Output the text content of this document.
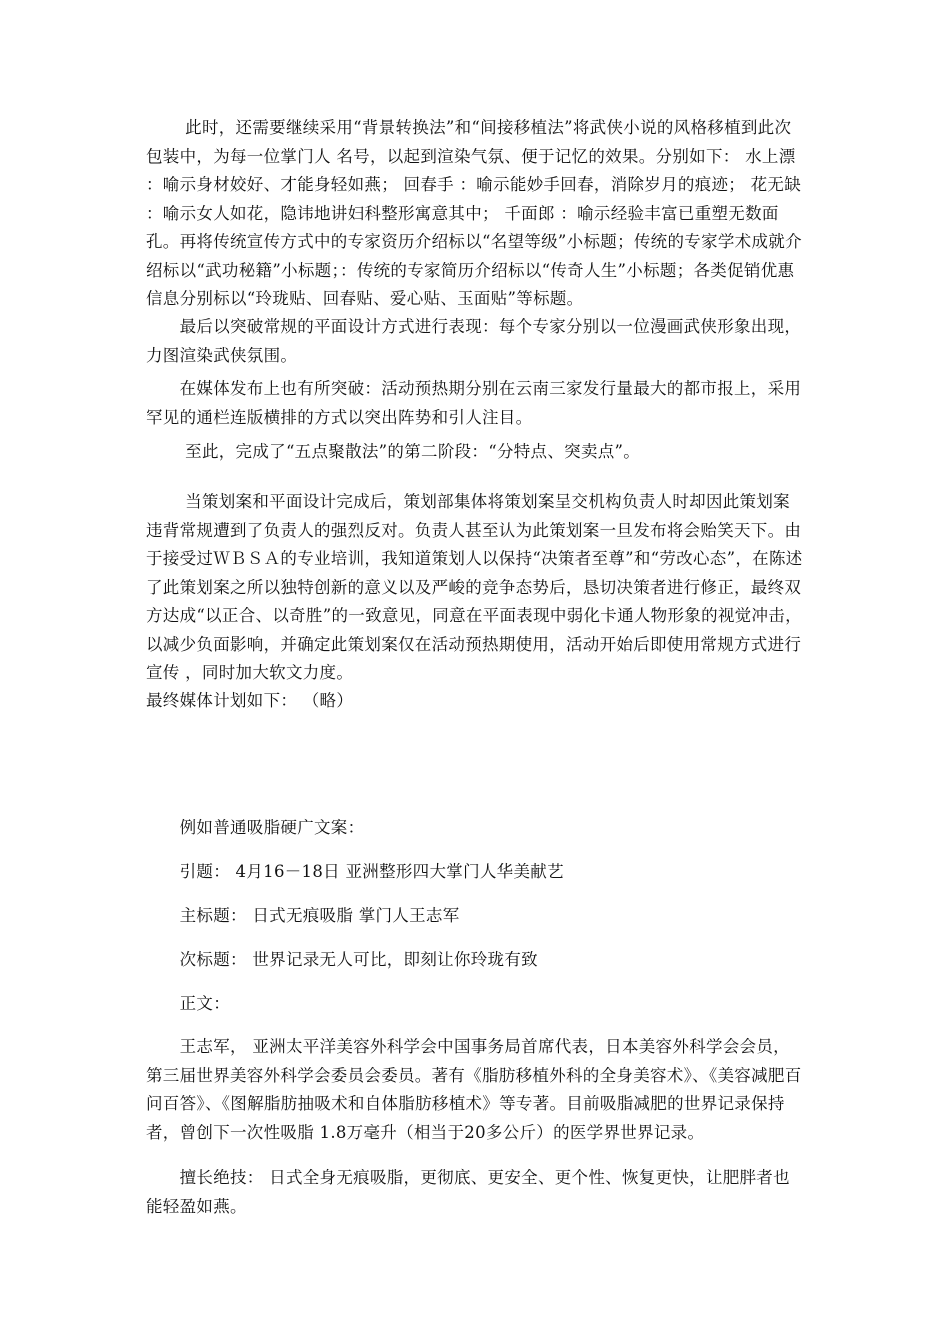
　　 此时，还需要继续采用“背景转换法”和“间接移植法”将武侠小说的风格移植到此次包装中，为每一位掌门人 名号，以起到渲染气氛、便于记忆的效果。分别如下： 水上漂 ：喻示身材姣好、才能身轻如燕； 回春手 ：喻示能妙手回春，消除岁月的痕迹； 花无缺 ：喻示女人如花，隐讳地讲妇科整形寓意其中； 千面郎 ：喻示经验丰富已重塑无数面孔。再将传统宣传方式中的专家资历介绍标以“名望等级”小标题；传统的专家学术成就介绍标以“武功秘籍”小标题；：传统的专家简历介绍标以“传奇人生”小标题；各类促销优惠信息分别标以“玲珑贴、回春贴、爱心贴、玉面贴”等标题。

　　最后以突破常规的平面设计方式进行表现：每个专家分别以一位漫画武侠形象出现，力图渲染武侠氛围。

　　在媒体发布上也有所突破：活动预热期分别在云南三家发行量最大的都市报上，采用罕见的通栏连版横排的方式以突出阵势和引人注目。

　　 至此，完成了“五点聚散法”的第二阶段：“分特点、突卖点”。

　　 当策划案和平面设计完成后，策划部集体将策划案呈交机构负责人时却因此策划案违背常规遭到了负责人的强烈反对。负责人甚至认为此策划案一旦发布将会贻笑天下。由于接受过ＷＢＳＡ的专业培训，我知道策划人以保持“决策者至尊”和“劳改心态”，在陈述了此策划案之所以独特创新的意义以及严峻的竞争态势后，恳切决策者进行修正，最终双方达成“以正合、以奇胜”的一致意见，同意在平面表现中弱化卡通人物形象的视觉冲击，以减少负面影响，并确定此策划案仅在活动预热期使用，活动开始后即使用常规方式进行宣传 ，同时加大软文力度。

最终媒体计划如下： （略）

　　例如普通吸脂硬广文案：

　　引题： 4月16－18日 亚洲整形四大掌门人华美献艺

　　主标题： 日式无痕吸脂 掌门人王志军

　　次标题： 世界记录无人可比，即刻让你玲珑有致

　　正文：

　　王志军， 亚洲太平洋美容外科学会中国事务局首席代表，日本美容外科学会会员，第三届世界美容外科学会委员会委员。著有《脂肪移植外科的全身美容术》、《美容减肥百问百答》、《图解脂肪抽吸术和自体脂肪移植术》等专著。目前吸脂减肥的世界记录保持者，曾创下一次性吸脂 1.8万毫升（相当于20多公斤）的医学界世界记录。

　　擅长绝技： 日式全身无痕吸脂，更彻底、更安全、更个性、恢复更快，让肥胖者也能轻盈如燕。
